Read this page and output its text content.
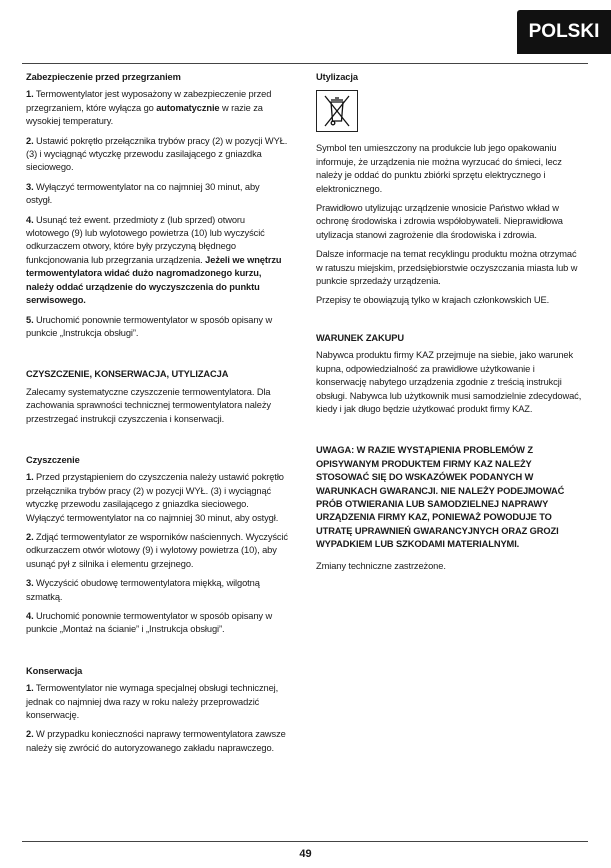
POLSKI
Zabezpieczenie przed przegrzaniem

1. Termowentylator jest wyposażony w zabezpieczenie przed przegrzaniem, które wyłącza go automatycznie w razie za wysokiej temperatury.

2. Ustawić pokrętło przełącznika trybów pracy (2) w pozycji WYŁ. (3) i wyciągnąć wtyczkę przewodu zasilającego z gniazdka sieciowego.

3. Wyłączyć termowentylator na co najmniej 30 minut, aby ostygł.

4. Usunąć też ewent. przedmioty z (lub sprzed) otworu wlotowego (9) lub wylotowego powietrza (10) lub wyczyścić odkurzaczem otwory, które były przyczyną błędnego funkcjonowania lub przegrzania urządzenia. Jeżeli we wnętrzu termowentylatora widać dużo nagromadzonego kurzu, należy oddać urządzenie do wyczyszczenia do punktu serwisowego.

5. Uruchomić ponownie termowentylator w sposób opisany w punkcie „Instrukcja obsługi”.

CZYSZCZENIE, KONSERWACJA, UTYLIZACJA

Zalecamy systematyczne czyszczenie termowentylatora. Dla zachowania sprawności technicznej termowentylatora należy przestrzegać instrukcji czyszczenia i konserwacji.

Czyszczenie

1. Przed przystąpieniem do czyszczenia należy ustawić pokrętło przełącznika trybów pracy (2) w pozycji WYŁ. (3) i wyciągnąć wtyczkę przewodu zasilającego z gniazdka sieciowego. Wyłączyć termowentylator na co najmniej 30 minut, aby ostygł.

2. Zdjąć termowentylator ze wsporników naściennych. Wyczyścić odkurzaczem otwór wlotowy (9) i wylotowy powietrza (10), aby usunąć pył z silnika i elementu grzejnego.

3. Wyczyścić obudowę termowentylatora miękką, wilgotną szmatką.

4. Uruchomić ponownie termowentylator w sposób opisany w punkcie „Montaż na ścianie” i „Instrukcja obsługi”.

Konserwacja

1. Termowentylator nie wymaga specjalnej obsługi technicznej, jednak co najmniej dwa razy w roku należy przeprowadzić konserwację.

2. W przypadku konieczności naprawy termowentylatora zawsze należy się zwrócić do autoryzowanego zakładu naprawczego.

Utylizacja

Symbol ten umieszczony na produkcie lub jego opakowaniu informuje, że urządzenia nie można wyrzucać do śmieci, lecz należy je oddać do punktu zbiórki sprzętu elektrycznego i elektronicznego.

Prawidłowo utylizując urządzenie wnosicie Państwo wkład w ochronę środowiska i zdrowia współobywateli. Nieprawidłowa utylizacja stanowi zagrożenie dla środowiska i zdrowia.

Dalsze informacje na temat recyklingu produktu można otrzymać w ratuszu miejskim, przedsiębiorstwie oczyszczania miasta lub w punkcie sprzedaży urządzenia.

Przepisy te obowiązują tylko w krajach członkowskich UE.

WARUNEK ZAKUPU

Nabywca produktu firmy KAZ przejmuje na siebie, jako warunek kupna, odpowiedzialność za prawidłowe użytkowanie i konserwację nabytego urządzenia zgodnie z treścią instrukcji obsługi. Nabywca lub użytkownik musi samodzielnie zdecydować, kiedy i jak długo będzie użytkować produkt firmy KAZ.

UWAGA: W RAZIE WYSTĄPIENIA PROBLEMÓW Z OPISYWANYM PRODUKTEM FIRMY KAZ NALEŻY STOSOWAĆ SIĘ DO WSKAZÓWEK PODANYCH W WARUNKACH GWARANCJI. NIE NALEŻY PODEJMOWAĆ PRÓB OTWIERANIA LUB SAMODZIELNEJ NAPRAWY URZĄDZENIA FIRMY KAZ, PONIEWAŻ POWODUJE TO UTRATĘ UPRAWNIEŃ GWARANCYJNYCH ORAZ GROZI WYPADKIEM LUB SZKODAMI MATERIALNYMI.

Zmiany techniczne zastrzeżone.

49
